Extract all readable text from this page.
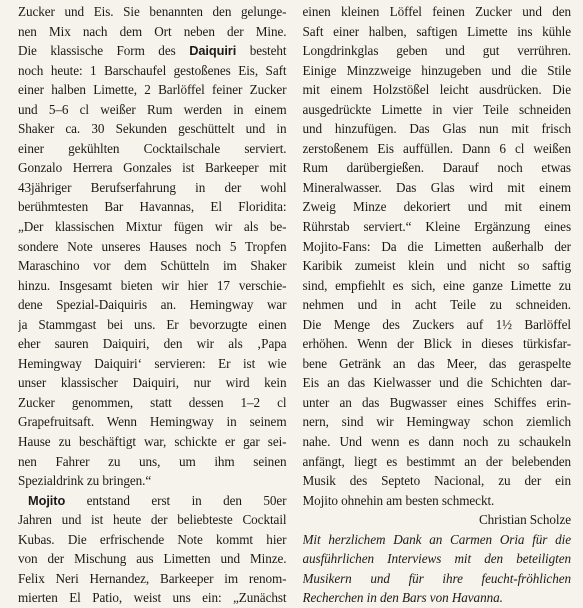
Zucker und Eis. Sie benannten den gelunge-
nen Mix nach dem Ort neben der Mine.
Die klassische Form des Daiquiri besteht
noch heute: 1 Barschaufel gestoßenes Eis, Saft
einer halben Limette, 2 Barlöffel feiner Zucker
und 5–6 cl weißer Rum werden in einem
Shaker ca. 30 Sekunden geschüttelt und in
einer gekühlten Cocktailschale serviert.
Gonzalo Herrera Gonzales ist Barkeeper mit
43jähriger Berufserfahrung in der wohl
berühmtesten Bar Havannas, El Floridita:
„Der klassischen Mixtur fügen wir als be-
sondere Note unseres Hauses noch 5 Tropfen
Maraschino vor dem Schütteln im Shaker
hinzu. Insgesamt bieten wir hier 17 verschie-
dene Spezial-Daiquiris an. Hemingway war
ja Stammgast bei uns. Er bevorzugte einen
eher sauren Daiquiri, den wir als ‚Papa
Hemingway Daiquiri‘ servieren: Er ist wie
unser klassischer Daiquiri, nur wird kein
Zucker genommen, statt dessen 1–2 cl
Grapefruitsaft. Wenn Hemingway in seinem
Hause zu beschäftigt war, schickte er gar sei-
nen Fahrer zu uns, um ihm seinen
Spezialdrink zu bringen.“
Mojito entstand erst in den 50er
Jahren und ist heute der beliebteste Cocktail
Kubas. Die erfrischende Note kommt hier
von der Mischung aus Limetten und Minze.
Felix Neri Hernandez, Barkeeper im renom-
mierten El Patio, weist uns ein: „Zunächst
einen kleinen Löffel feinen Zucker und den
Saft einer halben, saftigen Limette ins kühle
Longdrinkglas geben und gut verrühren.
Einige Minzzweige hinzugeben und die Stile
mit einem Holzstößel leicht ausdrücken. Die
ausgedrückte Limette in vier Teile schneiden
und hinzufügen. Das Glas nun mit frisch
zerstoßenem Eis auffüllen. Dann 6 cl weißen
Rum darübergießen. Darauf noch etwas
Mineralwasser. Das Glas wird mit einem
Zweig Minze dekoriert und mit einem
Rührstab serviert.“ Kleine Ergänzung eines
Mojito-Fans: Da die Limetten außerhalb der
Karibik zumeist klein und nicht so saftig
sind, empfiehlt es sich, eine ganze Limette zu
nehmen und in acht Teile zu schneiden.
Die Menge des Zuckers auf 1½ Barlöffel
erhöhen. Wenn der Blick in dieses türkisfar-
bene Getränk an das Meer, das geraspelte
Eis an das Kielwasser und die Schichten dar-
unter an das Bugwasser eines Schiffes erin-
nern, sind wir Hemingway schon ziemlich
nahe. Und wenn es dann noch zu schaukeln
anfängt, liegt es bestimmt an der belebenden
Musik des Septeto Nacional, zu der ein
Mojito ohnehin am besten schmeckt.
Christian Scholze
Mit herzlichem Dank an Carmen Oria für die
ausführlichen Interviews mit den beteiligten
Musikern und für ihre feucht-fröhlichen
Recherchen in den Bars von Havanna.
